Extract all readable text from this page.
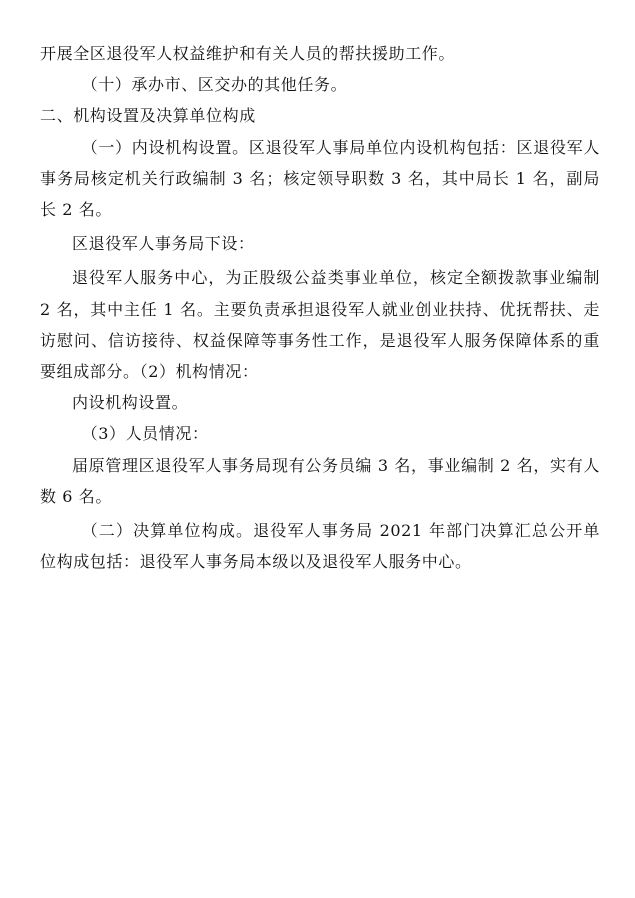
开展全区退役军人权益维护和有关人员的帮扶援助工作。

（十）承办市、区交办的其他任务。

二、机构设置及决算单位构成

（一）内设机构设置。区退役军人事局单位内设机构包括：区退役军人事务局核定机关行政编制 3 名；核定领导职数 3 名，其中局长 1 名，副局长 2 名。

区退役军人事务局下设：

退役军人服务中心，为正股级公益类事业单位，核定全额拨款事业编制 2 名，其中主任 1 名。主要负责承担退役军人就业创业扶持、优抚帮扶、走访慰问、信访接待、权益保障等事务性工作，是退役军人服务保障体系的重要组成部分。（2）机构情况：

内设机构设置。

（3）人员情况：

届原管理区退役军人事务局现有公务员编 3 名，事业编制 2 名，实有人数 6 名。

（二）决算单位构成。退役军人事务局 2021 年部门决算汇总公开单位构成包括：退役军人事务局本级以及退役军人服务中心。
